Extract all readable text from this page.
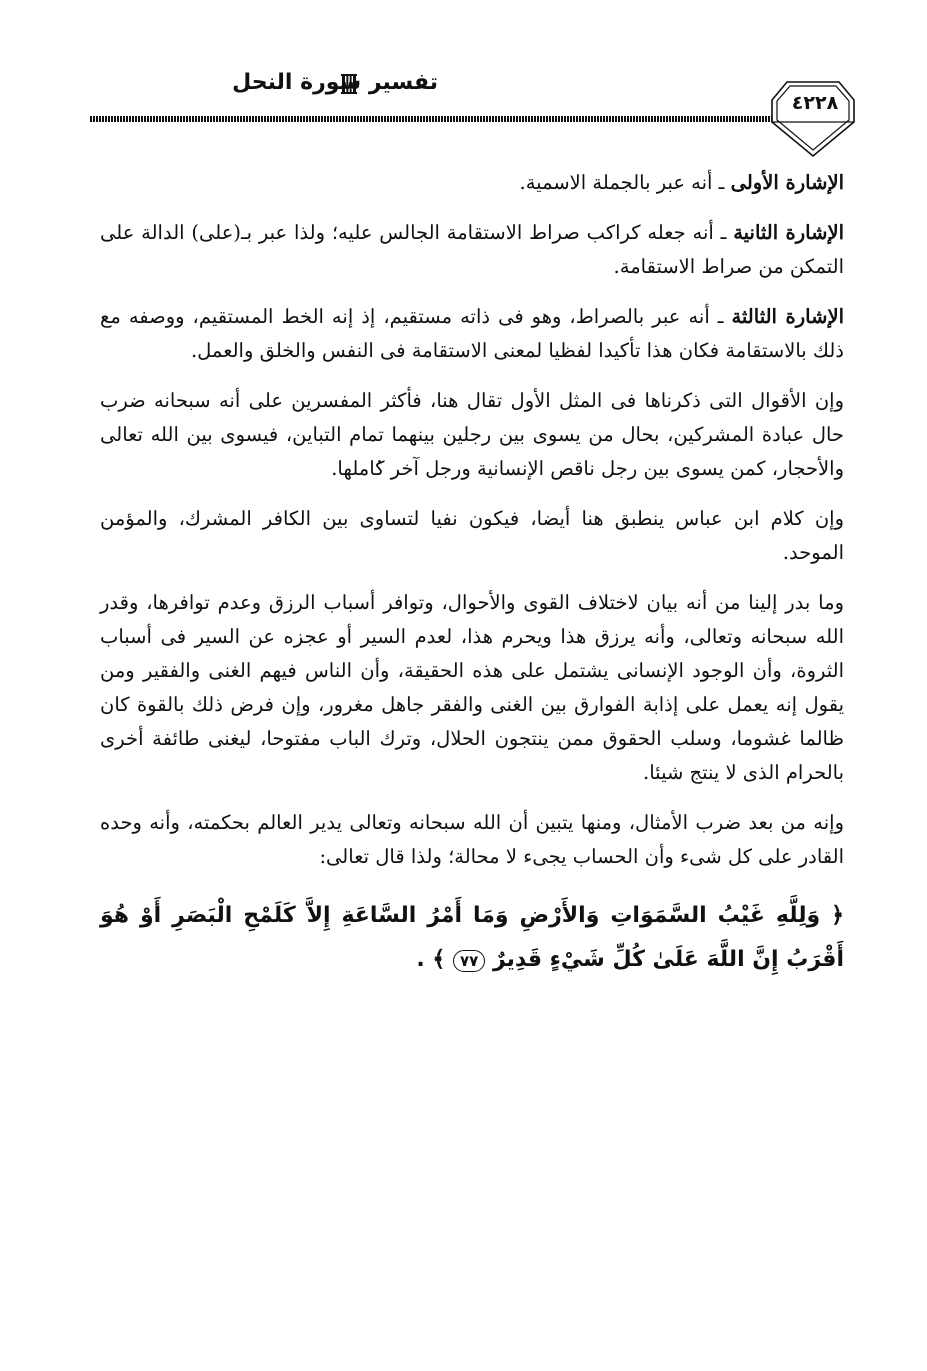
تفسير سورة النحل
٤٢٢٨

الإشارة الأولى ـ أنه عبر بالجملة الاسمية.

الإشارة الثانية ـ أنه جعله كراكب صراط الاستقامة الجالس عليه؛ ولذا عبر بـ(على) الدالة على التمكن من صراط الاستقامة.

الإشارة الثالثة ـ أنه عبر بالصراط، وهو فى ذاته مستقيم، إذ إنه الخط المستقيم، ووصفه مع ذلك بالاستقامة فكان هذا تأكيدا لفظيا لمعنى الاستقامة فى النفس والخلق والعمل.

وإن الأقوال التى ذكرناها فى المثل الأول تقال هنا، فأكثر المفسرين على أنه سبحانه ضرب حال عبادة المشركين، بحال من يسوى بين رجلين بينهما تمام التباين، فيسوى بين الله تعالى والأحجار، كمن يسوى بين رجل ناقص الإنسانية ورجل آخر كاملها.

وإن كلام ابن عباس ينطبق هنا أيضا، فيكون نفيا لتساوى بين الكافر المشرك، والمؤمن الموحد.

وما بدر إلينا من أنه بيان لاختلاف القوى والأحوال، وتوافر أسباب الرزق وعدم توافرها، وقدر الله سبحانه وتعالى، وأنه يرزق هذا ويحرم هذا، لعدم السير أو عجزه عن السير فى أسباب الثروة، وأن الوجود الإنسانى يشتمل على هذه الحقيقة، وأن الناس فيهم الغنى والفقير ومن يقول إنه يعمل على إذابة الفوارق بين الغنى والفقر جاهل مغرور، وإن فرض ذلك بالقوة كان ظالما غشوما، وسلب الحقوق ممن ينتجون الحلال، وترك الباب مفتوحا، ليغنى طائفة أخرى بالحرام الذى لا ينتج شيئا.

وإنه من بعد ضرب الأمثال، ومنها يتبين أن الله سبحانه وتعالى يدير العالم بحكمته، وأنه وحده القادر على كل شىء وأن الحساب يجىء لا محالة؛ ولذا قال تعالى:

﴿ وَلِلَّهِ غَيْبُ السَّمَوَاتِ وَالأَرْضِ وَمَا أَمْرُ السَّاعَةِ إِلاَّ كَلَمْحِ الْبَصَرِ أَوْ هُوَ أَقْرَبُ إِنَّ اللَّهَ عَلَىٰ كُلِّ شَيْءٍ قَدِيرٌ ٧٧ ﴾ .
